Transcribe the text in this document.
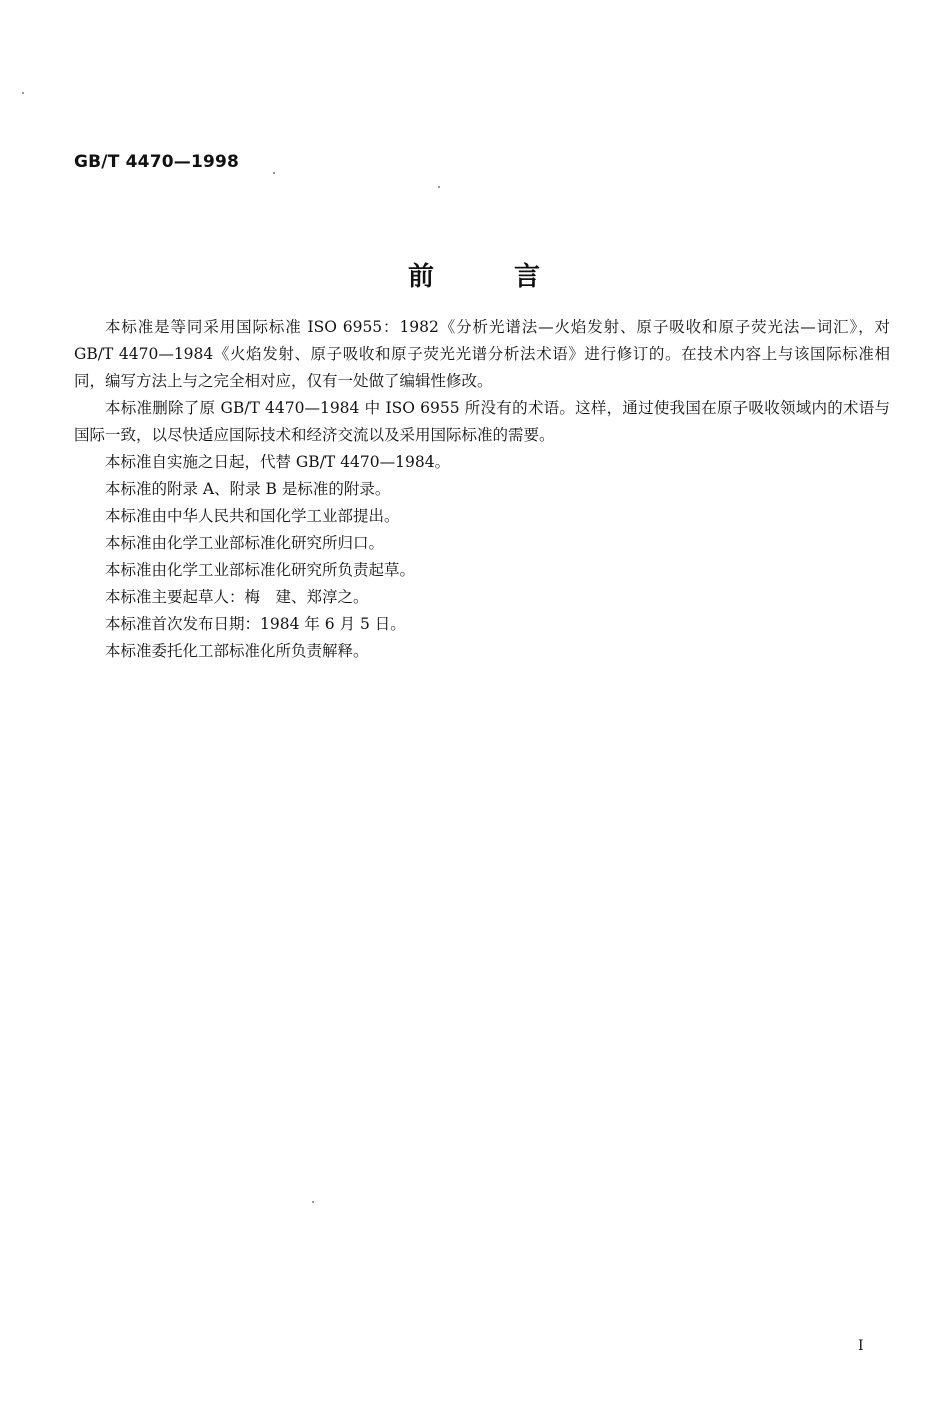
GB/T 4470—1998
前	言

本标准是等同采用国际标准 ISO 6955：1982《分析光谱法—火焰发射、原子吸收和原子荧光法—词汇》，对 GB/T 4470—1984《火焰发射、原子吸收和原子荧光光谱分析法术语》进行修订的。在技术内容上与该国际标准相同，编写方法上与之完全相对应，仅有一处做了编辑性修改。

本标准删除了原 GB/T 4470—1984 中 ISO 6955 所没有的术语。这样，通过使我国在原子吸收领域内的术语与国际一致，以尽快适应国际技术和经济交流以及采用国际标准的需要。

本标准自实施之日起，代替 GB/T 4470—1984。

本标准的附录 A、附录 B 是标准的附录。

本标准由中华人民共和国化学工业部提出。

本标准由化学工业部标准化研究所归口。

本标准由化学工业部标准化研究所负责起草。

本标准主要起草人：梅　建、郑淳之。

本标准首次发布日期：1984 年 6 月 5 日。

本标准委托化工部标准化所负责解释。

I
